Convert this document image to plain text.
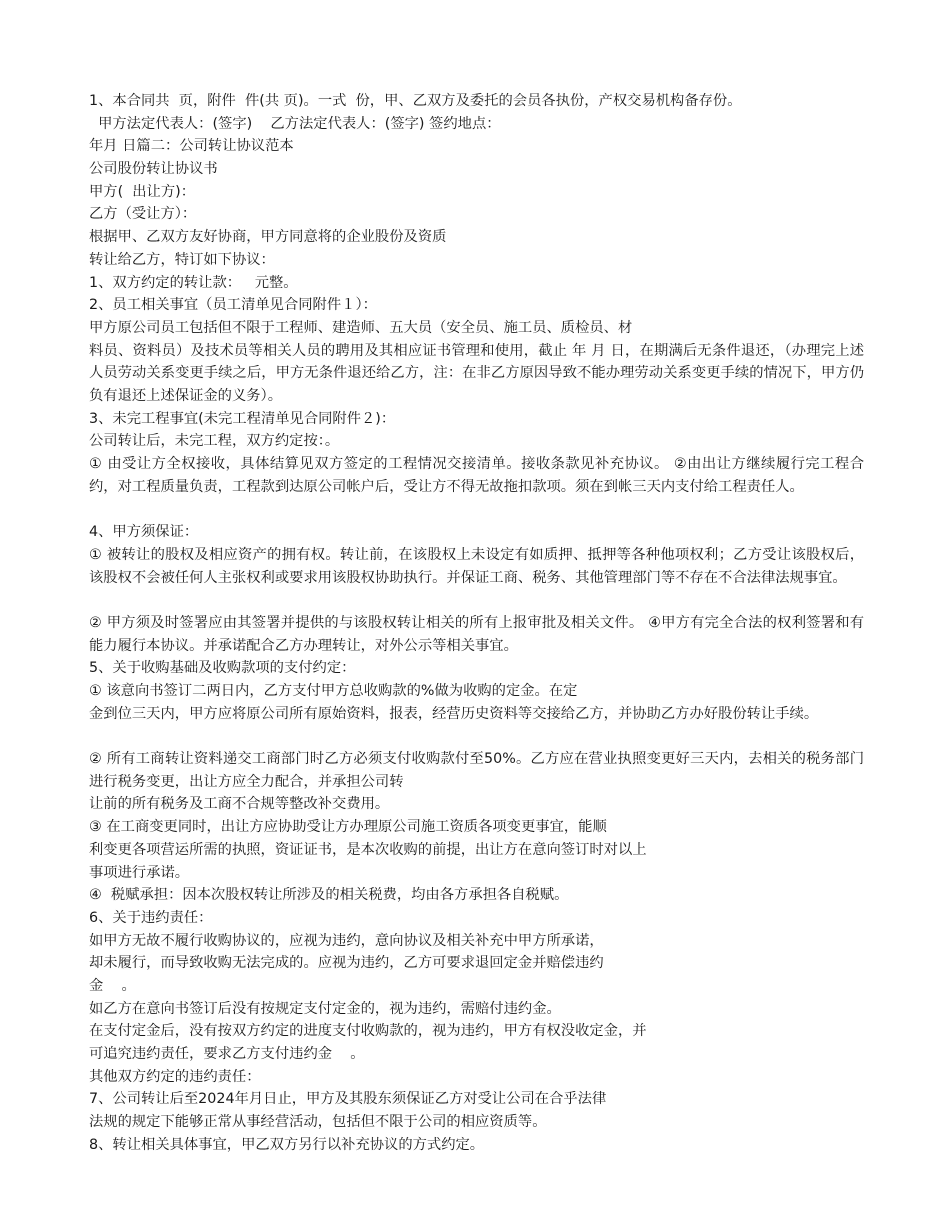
1、本合同共  页，附件  件(共 页)。一式  份，甲、乙双方及委托的会员各执份，产权交易机构备存份。
甲方法定代表人：(签字)    乙方法定代表人：(签字) 签约地点：
年月 日篇二：公司转让协议范本
公司股份转让协议书
甲方(  出让方)：
乙方（受让方）：
根据甲、乙双方友好协商，甲方同意将的企业股份及资质
转让给乙方，特订如下协议：
1、双方约定的转让款：   元整。
2、员工相关事宜（员工清单见合同附件１）：
甲方原公司员工包括但不限于工程师、建造师、五大员（安全员、施工员、质检员、材
料员、资料员）及技术员等相关人员的聘用及其相应证书管理和使用，截止 年 月 日，在期满后无条件退还，（办理完上述人员劳动关系变更手续之后，甲方无条件退还给乙方，注：在非乙方原因导致不能办理劳动关系变更手续的情况下，甲方仍负有退还上述保证金的义务）。
3、未完工程事宜(未完工程清单见合同附件２)：
公司转让后，未完工程，双方约定按：。
① 由受让方全权接收，具体结算见双方签定的工程情况交接清单。接收条款见补充协议。 ②由出让方继续履行完工程合约，对工程质量负责，工程款到达原公司帐户后，受让方不得无故拖扣款项。须在到帐三天内支付给工程责任人。
4、甲方须保证：
① 被转让的股权及相应资产的拥有权。转让前，在该股权上未设定有如质押、抵押等各种他项权利；乙方受让该股权后，该股权不会被任何人主张权利或要求用该股权协助执行。并保证工商、税务、其他管理部门等不存在不合法律法规事宜。
② 甲方须及时签署应由其签署并提供的与该股权转让相关的所有上报审批及相关文件。 ④甲方有完全合法的权利签署和有能力履行本协议。并承诺配合乙方办理转让，对外公示等相关事宜。
5、关于收购基础及收购款项的支付约定：
① 该意向书签订二两日内，乙方支付甲方总收购款的%做为收购的定金。在定
金到位三天内，甲方应将原公司所有原始资料，报表，经营历史资料等交接给乙方，并协助乙方办好股份转让手续。
② 所有工商转让资料递交工商部门时乙方必须支付收购款付至50%。乙方应在营业执照变更好三天内，去相关的税务部门进行税务变更，出让方应全力配合，并承担公司转
让前的所有税务及工商不合规等整改补交费用。
③ 在工商变更同时，出让方应协助受让方办理原公司施工资质各项变更事宜，能顺
利变更各项营运所需的执照，资证证书，是本次收购的前提，出让方在意向签订时对以上
事项进行承诺。
④  税赋承担：因本次股权转让所涉及的相关税费，均由各方承担各自税赋。
6、关于违约责任：
如甲方无故不履行收购协议的，应视为违约，意向协议及相关补充中甲方所承诺，
却未履行，而导致收购无法完成的。应视为违约，乙方可要求退回定金并赔偿违约
金    。
如乙方在意向书签订后没有按规定支付定金的，视为违约，需赔付违约金。
在支付定金后，没有按双方约定的进度支付收购款的，视为违约，甲方有权没收定金，并
可追究违约责任，要求乙方支付违约金    。
其他双方约定的违约责任：
7、公司转让后至2024年月日止，甲方及其股东须保证乙方对受让公司在合乎法律
法规的规定下能够正常从事经营活动，包括但不限于公司的相应资质等。
8、转让相关具体事宜，甲乙双方另行以补充协议的方式约定。
